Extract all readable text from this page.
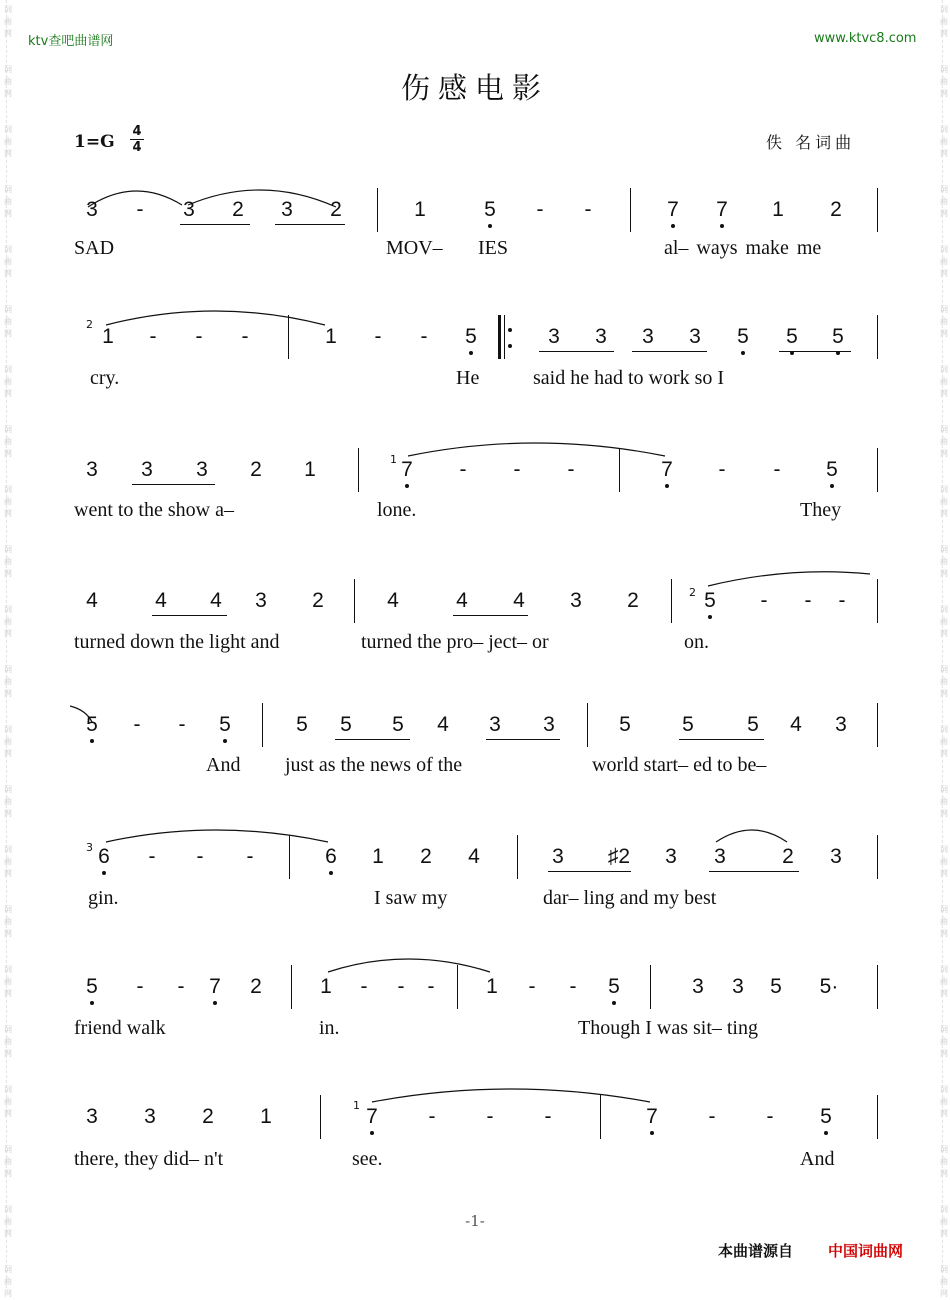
词
曲
网
词
曲
网
词
曲
网
词
曲
网
词
曲
网
词
曲
网
词
曲
网
词
曲
网
词
曲
网
词
曲
网
词
曲
网
词
曲
网
词
曲
网
词
曲
网
词
曲
网
词
曲
网
词
曲
网
词
曲
网
词
曲
网
词
曲
网
词
曲
网
词
曲
网
词
曲
网
词
曲
网
词
曲
网
词
曲
网
词
曲
网
词
曲
网
词
曲
网
词
曲
网
词
曲
网
词
曲
网
词
曲
网
词
曲
网
词
曲
网
词
曲
网
词
曲
网
词
曲
网
词
曲
网
词
曲
网
词
曲
网
词
曲
网
词
曲
网
词
曲
网
ktv查吧曲谱网	www.ktvc8.com
伤感电影
1=G
4
4	佚 名词曲
3	-	3	2	3	2	1	5	-	-	7	7	1	2
SAD	MOV– IES	al– ways make me
1	-	-	-	1	-	-	5	3	3	3	3	5	5	5
cry.	He	said he had to work so I
3	3	3	2	1	7	-	-	-	7	-	-	5
went to the show a–	lone.	They
4	4	4	3	2	4	4	4	3	2	5	-	-	-
turned down the light and	turned the pro– ject– or	on.
5	-	-	5	5	5	5	4	3	3	5	5	5	4	3
And just as the news of the	world start– ed to be–
6	-	-	-	6	1	2	4	3	♯2	3	3	2	3
gin.	I saw my	dar– ling and my best
5	-	-	7	2	1	-	-	-	1	-	-	5	3	3	5	5·
friend walk	in.	Though I was sit– ting
3	3	2	1	7	-	-	-	7	-	-	5
there, they did– n't	see.	And
2
1
2
3
1
-1-
本曲谱源自 中国词曲网
